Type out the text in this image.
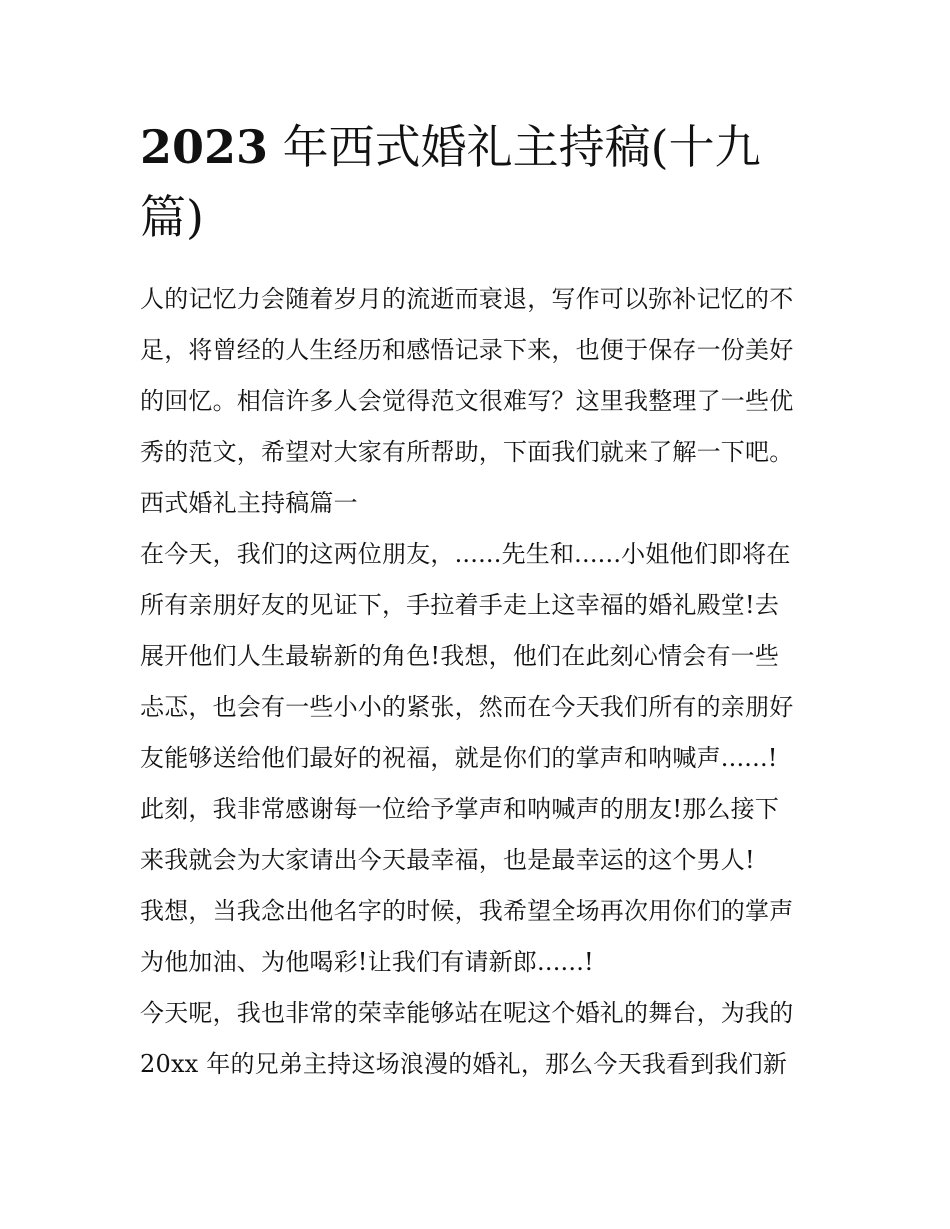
2023 年西式婚礼主持稿(十九
篇)
人的记忆力会随着岁月的流逝而衰退，写作可以弥补记忆的不
足，将曾经的人生经历和感悟记录下来，也便于保存一份美好
的回忆。相信许多人会觉得范文很难写？这里我整理了一些优
秀的范文，希望对大家有所帮助，下面我们就来了解一下吧。
西式婚礼主持稿篇一
在今天，我们的这两位朋友，......先生和......小姐他们即将在
所有亲朋好友的见证下，手拉着手走上这幸福的婚礼殿堂!去
展开他们人生最崭新的角色!我想，他们在此刻心情会有一些
忐忑，也会有一些小小的紧张，然而在今天我们所有的亲朋好
友能够送给他们最好的祝福，就是你们的掌声和呐喊声......!
此刻，我非常感谢每一位给予掌声和呐喊声的朋友!那么接下
来我就会为大家请出今天最幸福，也是最幸运的这个男人!
我想，当我念出他名字的时候，我希望全场再次用你们的掌声
为他加油、为他喝彩!让我们有请新郎......!
今天呢，我也非常的荣幸能够站在呢这个婚礼的舞台，为我的
20xx 年的兄弟主持这场浪漫的婚礼，那么今天我看到我们新
